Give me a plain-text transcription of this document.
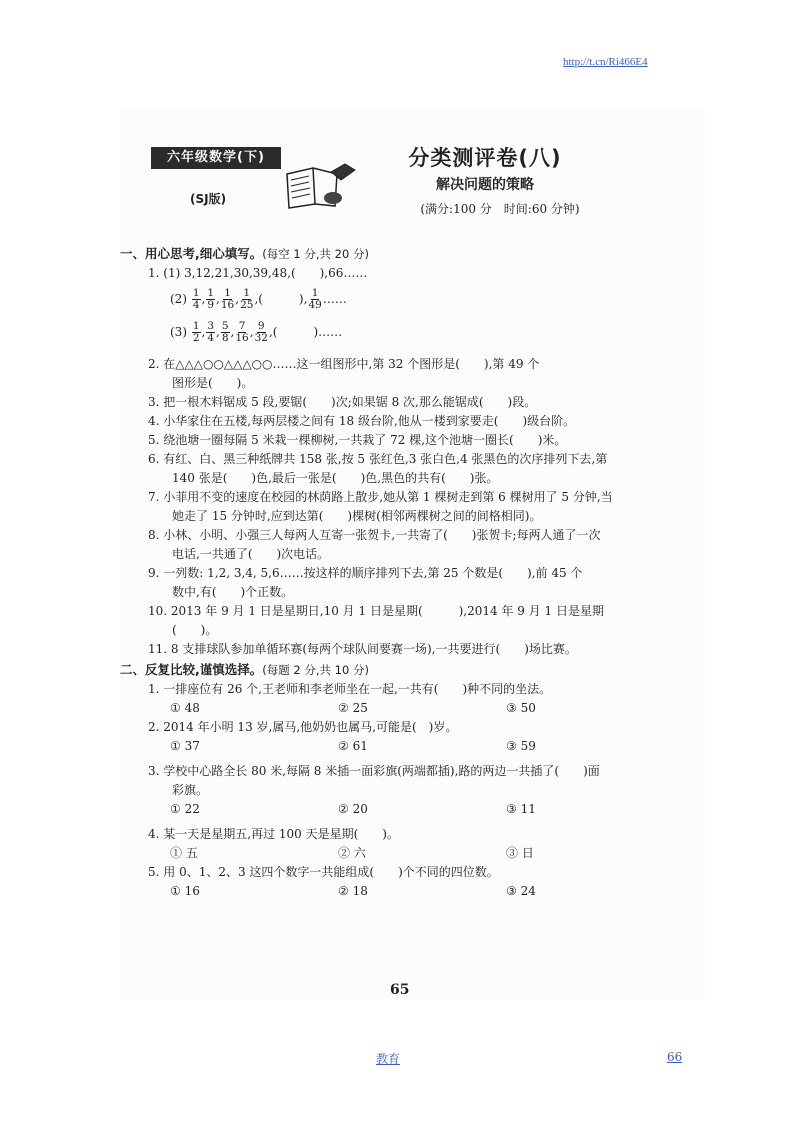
http://t.cn/Ri466E4
六年级数学(下)
(SJ版)
分类测评卷(八)
解决问题的策略
(满分:100 分　时间:60 分钟)
一、用心思考,细心填写。(每空 1 分,共 20 分)
1. (1) 3,12,21,30,39,48,(　　),66……
(2)
$\frac{1}{4}$ , $\frac{1}{9}$ , $\frac{1}{16}$ , $\frac{1}{25}$ ,(　　　), $\frac{1}{49}$ ……
(3)
$\frac{1}{2}$ , $\frac{3}{4}$ , $\frac{5}{8}$ , $\frac{7}{16}$ , $\frac{9}{32}$ ,(　　　)……
2. 在△△△○○△△△○○……这一组图形中,第 32 个图形是(　　),第 49 个
图形是(　　)。
3. 把一根木料锯成 5 段,要锯(　　)次;如果锯 8 次,那么能锯成(　　)段。
4. 小华家住在五楼,每两层楼之间有 18 级台阶,他从一楼到家要走(　　)级台阶。
5. 绕池塘一圈每隔 5 米栽一棵柳树,一共栽了 72 棵,这个池塘一圈长(　　)米。
6. 有红、白、黑三种纸牌共 158 张,按 5 张红色,3 张白色,4 张黑色的次序排列下去,第
140 张是(　　)色,最后一张是(　　)色,黑色的共有(　　)张。
7. 小菲用不变的速度在校园的林荫路上散步,她从第 1 棵树走到第 6 棵树用了 5 分钟,当
她走了 15 分钟时,应到达第(　　)棵树(相邻两棵树之间的间格相同)。
8. 小林、小明、小强三人每两人互寄一张贺卡,一共寄了(　　)张贺卡;每两人通了一次
电话,一共通了(　　)次电话。
9. 一列数: 1,2, 3,4, 5,6……按这样的顺序排列下去,第 25 个数是(　　),前 45 个
数中,有(　　)个正数。
10. 2013 年 9 月 1 日是星期日,10 月 1 日是星期(　　　),2014 年 9 月 1 日是星期
(　　)。
11. 8 支排球队参加单循环赛(每两个球队间要赛一场),一共要进行(　　)场比赛。
二、反复比较,谨慎选择。(每题 2 分,共 10 分)
1. 一排座位有 26 个,王老师和李老师坐在一起,一共有(　　)种不同的坐法。
① 48	② 25	③ 50
2. 2014 年小明 13 岁,属马,他奶奶也属马,可能是(　)岁。
① 37	② 61	③ 59
3. 学校中心路全长 80 米,每隔 8 米插一面彩旗(两端都插),路的两边一共插了(　　)面
彩旗。
① 22	② 20	③ 11
4. 某一天是星期五,再过 100 天是星期(　　)。
① 五	② 六	③ 日
5. 用 0、1、2、3 这四个数字一共能组成(　　)个不同的四位数。
① 16	② 18	③ 24
65
教育	66
